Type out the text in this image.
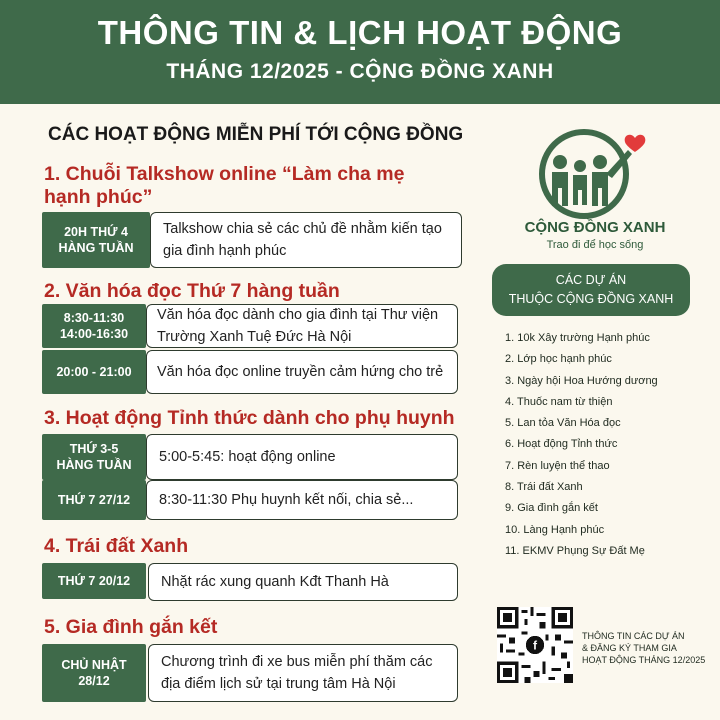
THÔNG TIN & LỊCH HOẠT ĐỘNG
THÁNG 12/2025 - CỘNG ĐỒNG XANH
CÁC HOẠT ĐỘNG MIỄN PHÍ TỚI CỘNG ĐỒNG
1. Chuỗi Talkshow online “Làm cha mẹ hạnh phúc”
20H THỨ 4 HÀNG TUẦN
Talkshow chia sẻ các chủ đề nhằm kiến tạo gia đình hạnh phúc
2. Văn hóa đọc Thứ 7 hàng tuần
8:30-11:30
14:00-16:30
Văn hóa đọc dành cho gia đình tại Thư viện Trường Xanh Tuệ Đức Hà Nội
20:00 - 21:00 Văn hóa đọc online truyền cảm hứng cho trẻ
3. Hoạt động Tỉnh thức dành cho phụ huynh
THỨ 3-5
HÀNG TUẦN 5:00-5:45: hoạt động online
THỨ 7 27/12 8:30-11:30 Phụ huynh kết nối, chia sẻ...
4. Trái đất Xanh
THỨ 7 20/12 Nhặt rác xung quanh Kđt Thanh Hà
5. Gia đình gắn kết
CHỦ NHẬT
28/12
Chương trình đi xe bus miễn phí thăm các địa điểm lịch sử tại trung tâm Hà Nội
CỘNG ĐỒNG XANH
Trao đi để học sống
CÁC DỰ ÁN
THUỘC CỘNG ĐỒNG XANH
1. 10k Xây trường Hạnh phúc
2. Lớp học hạnh phúc
3. Ngày hội Hoa Hướng dương
4. Thuốc nam từ thiện
5. Lan tỏa Văn Hóa đọc
6. Hoạt động Tỉnh thức
7. Rèn luyện thể thao
8. Trái đất Xanh
9. Gia đình gắn kết
10. Làng Hạnh phúc
11. EKMV Phụng Sự Đất Mẹ
f
THÔNG TIN CÁC DỰ ÁN
& ĐĂNG KÝ THAM GIA
HOẠT ĐỘNG THÁNG 12/2025
